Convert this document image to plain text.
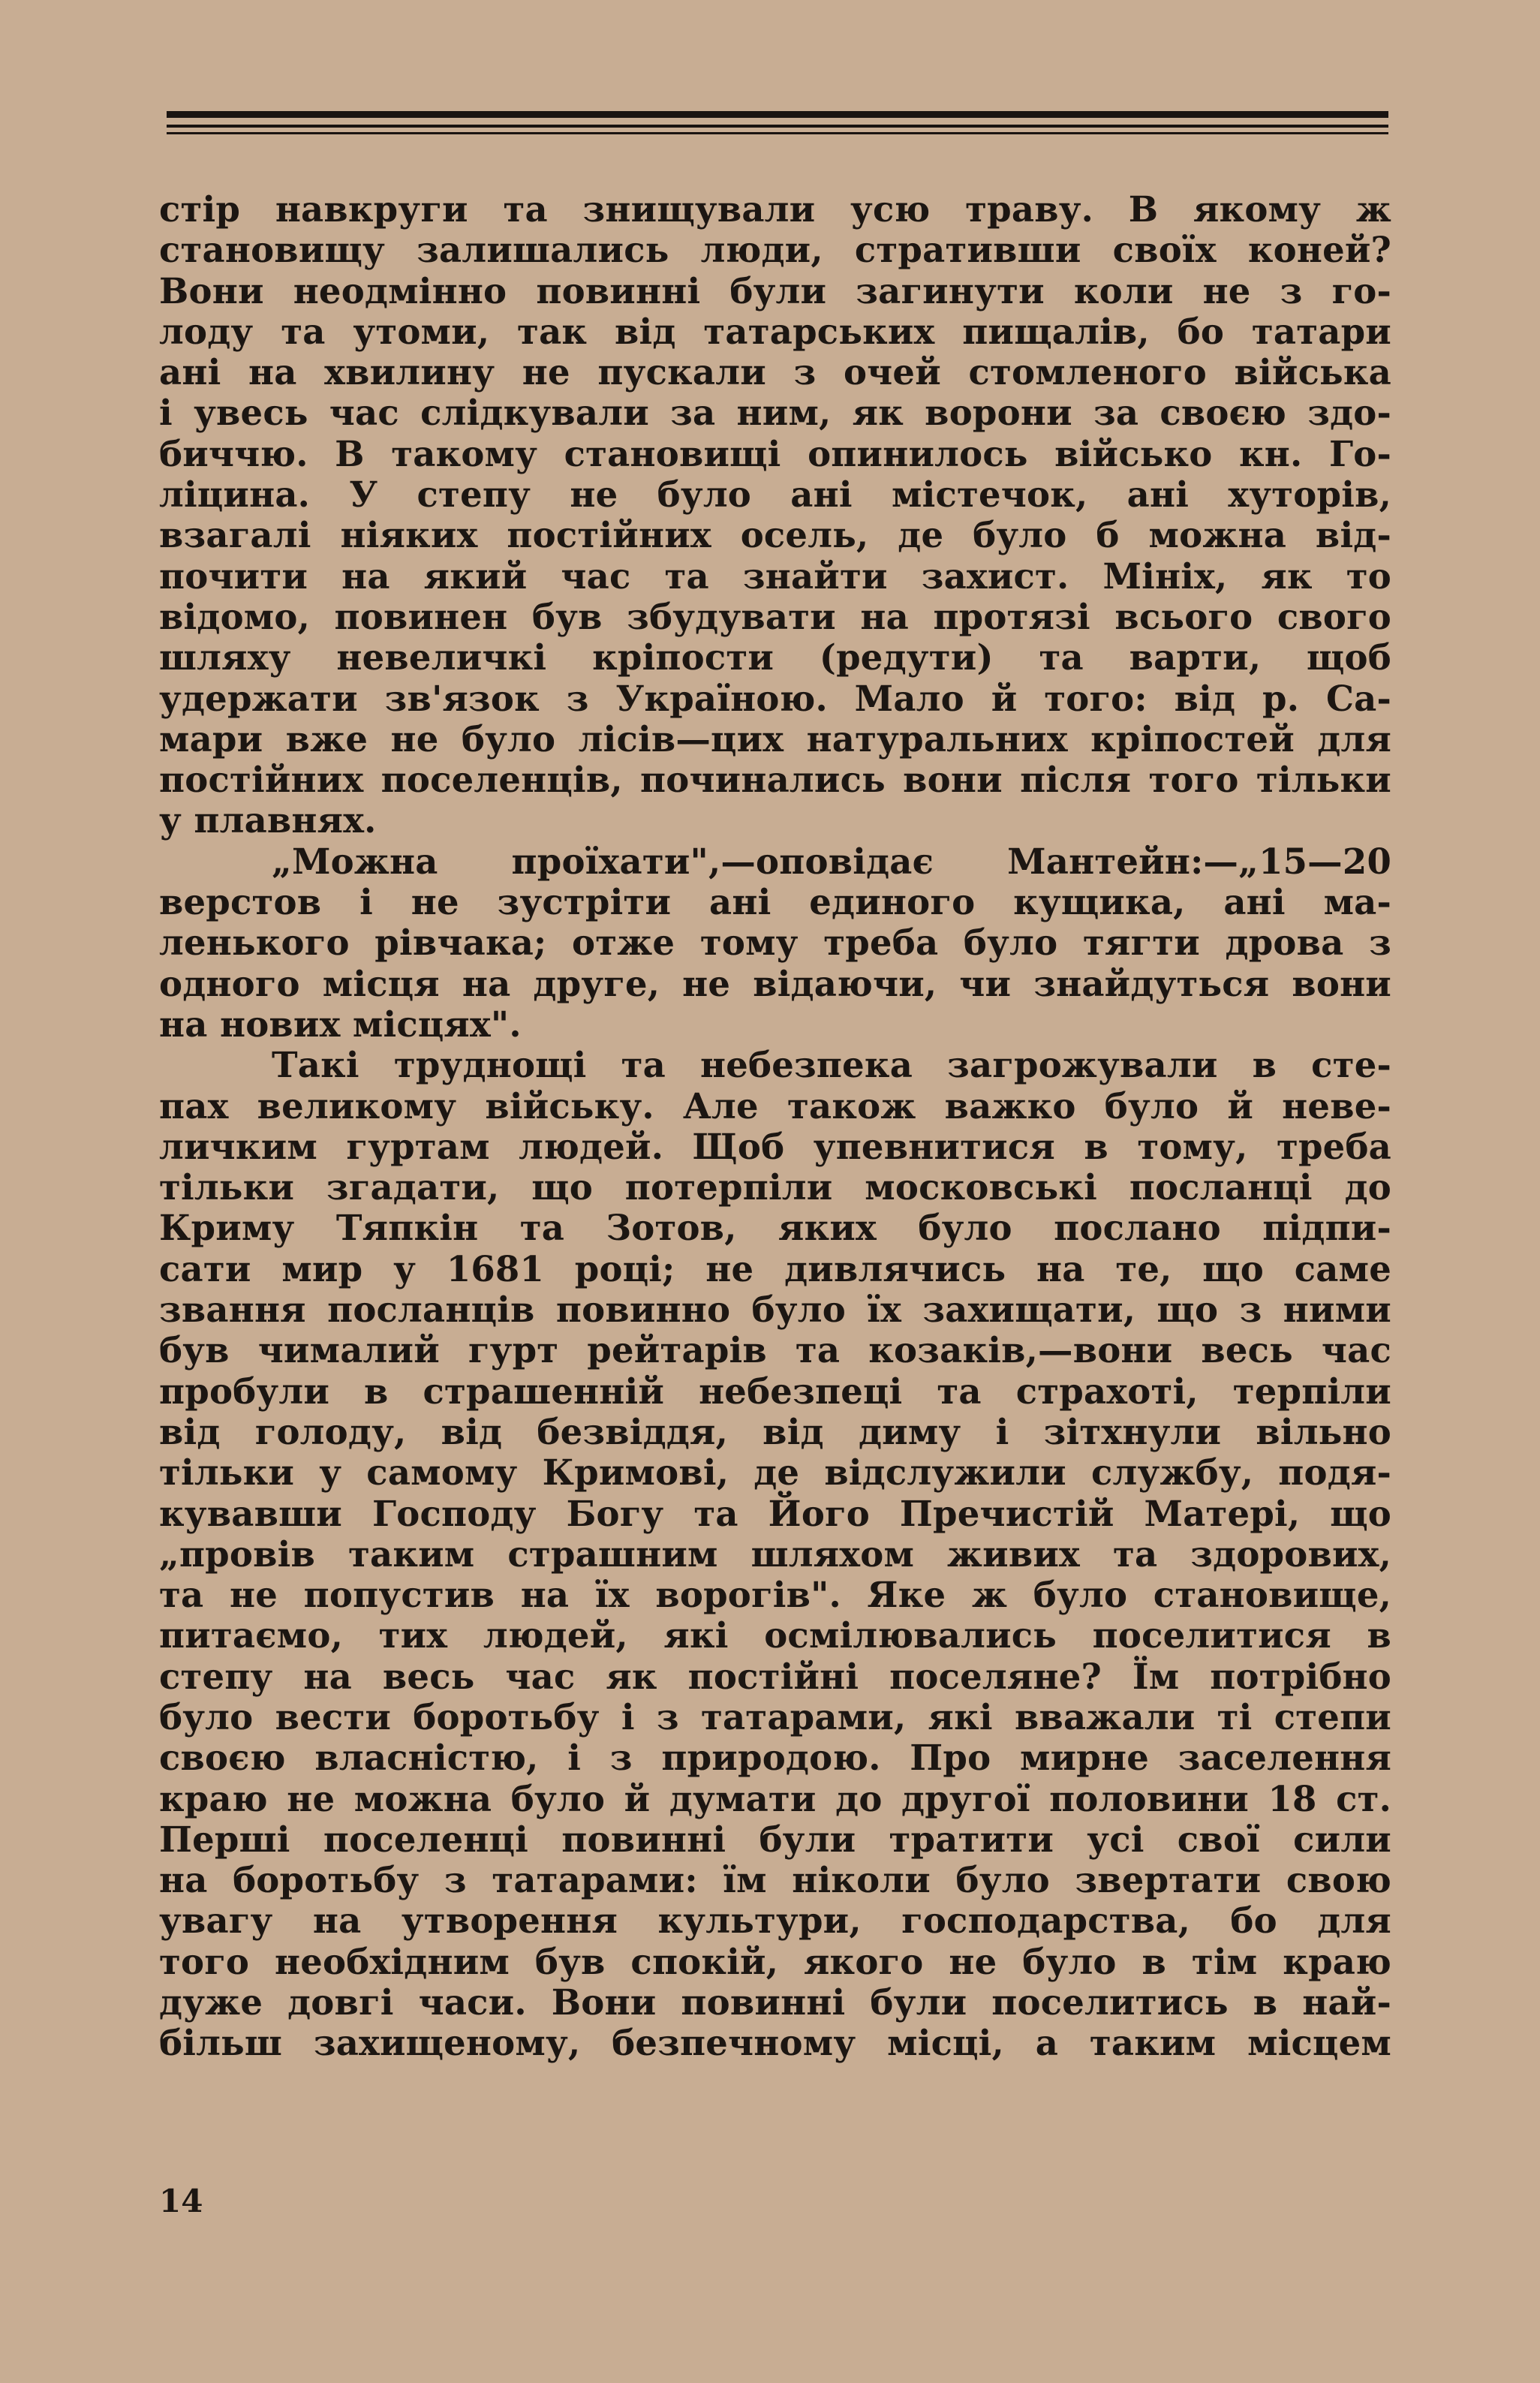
стір навкруги та знищували усю траву. В якому ж

становищу залишались люди, стративши своїх коней?

Вони неодмінно повинні були загинути коли не з го-

лоду та утоми, так від татарських пищалів, бо татари

ані на хвилину не пускали з очей стомленого війська

і увесь час слідкували за ним, як ворони за своєю здо-

биччю. В такому становищі опинилось військо кн. Го-

ліцина. У степу не було ані містечок, ані хуторів,

взагалі ніяких постійних осель, де було б можна від-

почити на який час та знайти захист. Мініх, як то

відомо, повинен був збудувати на протязі всього свого

шляху невеличкі кріпости (редути) та варти, щоб

удержати зв'язок з Україною. Мало й того: від р. Са-

мари вже не було лісів—цих натуральних кріпостей для

постійних поселенців, починались вони після того тільки

у плавнях.

„Можна проїхати",—оповідає Мантейн:—„15—20

верстов і не зустріти ані единого кущика, ані ма-

ленького рівчака; отже тому треба було тягти дрова з

одного місця на друге, не відаючи, чи знайдуться вони

на нових місцях".

Такі труднощі та небезпека загрожували в сте-

пах великому війську. Але також важко було й неве-

личким гуртам людей. Щоб упевнитися в тому, треба

тільки згадати, що потерпіли московські посланці до

Криму Тяпкін та Зотов, яких було послано підпи-

сати мир у 1681 році; не дивлячись на те, що саме

звання посланців повинно було їх захищати, що з ними

був чималий гурт рейтарів та козаків,—вони весь час

пробули в страшенній небезпеці та страхоті, терпіли

від голоду, від безвіддя, від диму і зітхнули вільно

тільки у самому Кримові, де відслужили службу, подя-

кувавши Господу Богу та Його Пречистій Матері, що

„провів таким страшним шляхом живих та здорових,

та не попустив на їх ворогів". Яке ж було становище,

питаємо, тих людей, які осмілювались поселитися в

степу на весь час як постійні поселяне? Їм потрібно

було вести боротьбу і з татарами, які вважали ті степи

своєю власністю, і з природою. Про мирне заселення

краю не можна було й думати до другої половини 18 ст.

Перші поселенці повинні були тратити усі свої сили

на боротьбу з татарами: їм ніколи було звертати свою

увагу на утворення культури, господарства, бо для

того необхідним був спокій, якого не було в тім краю

дуже довгі часи. Вони повинні були поселитись в най-

більш захищеному, безпечному місці, а таким місцем

14
